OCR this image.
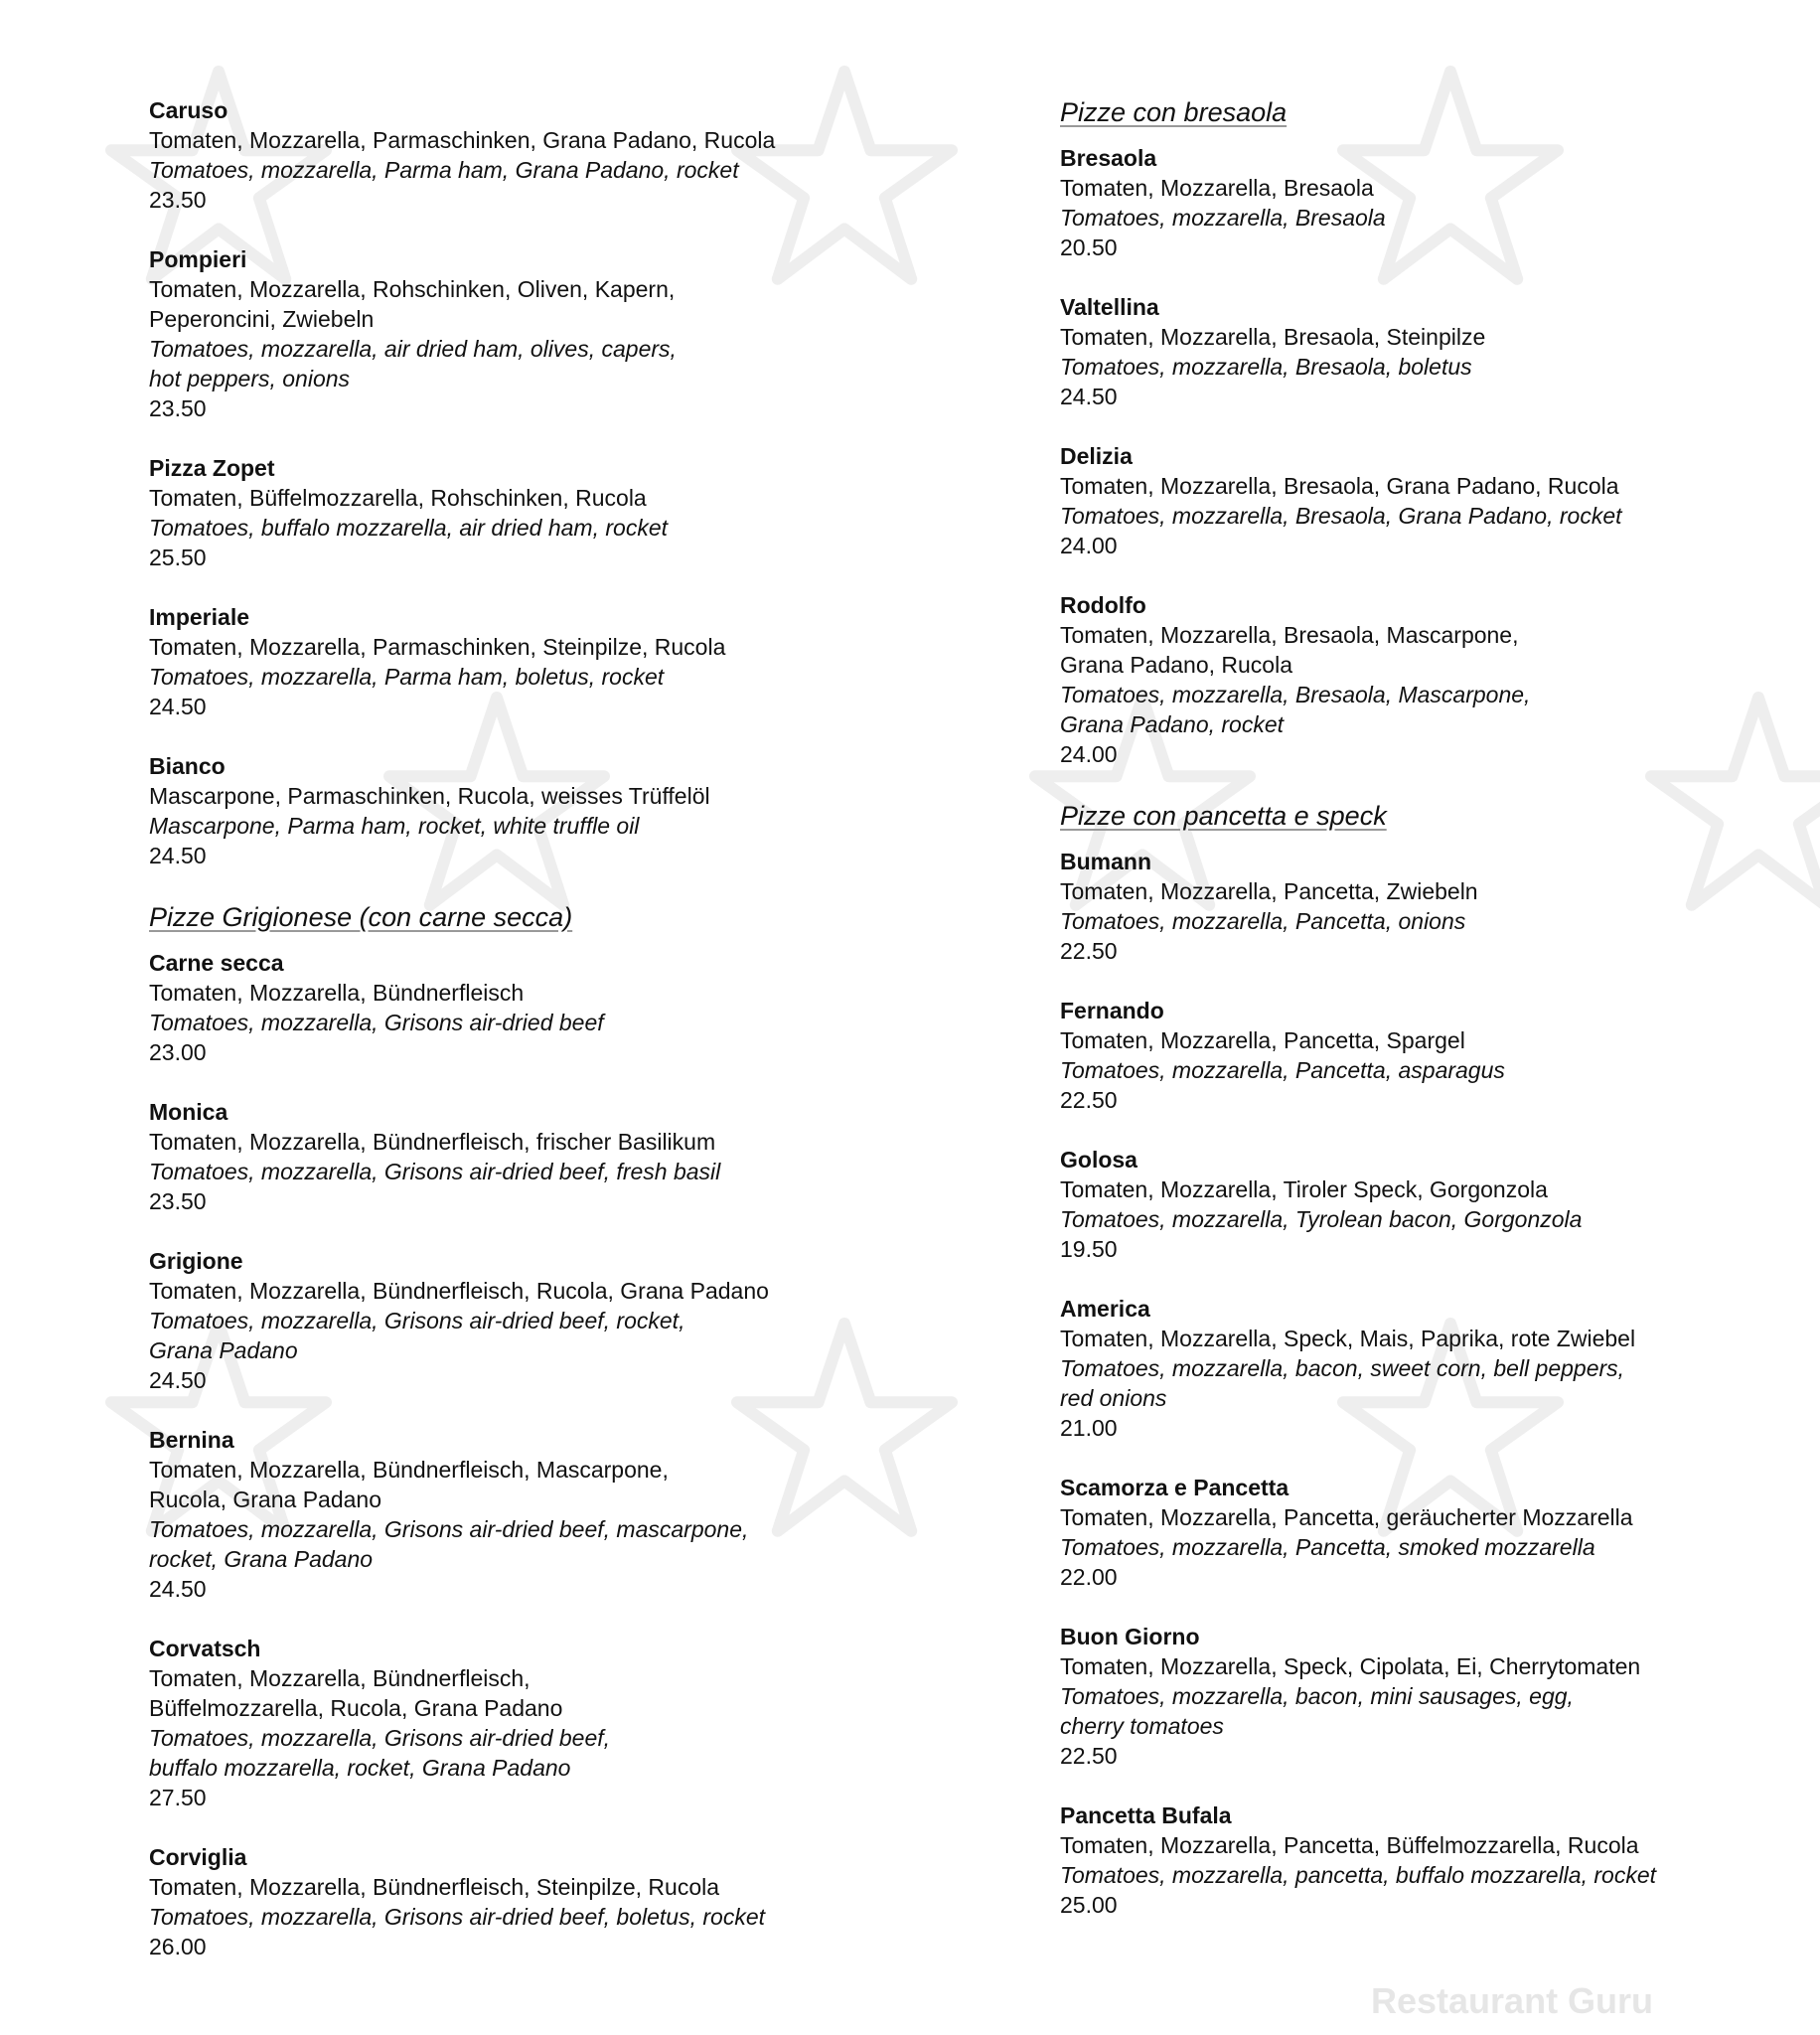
Restaurant Guru
Caruso
Tomaten, Mozzarella, Parmaschinken, Grana Padano, Rucola
Tomatoes, mozzarella, Parma ham, Grana Padano, rocket
23.50
Pompieri
Tomaten, Mozzarella, Rohschinken, Oliven, Kapern,
Peperoncini, Zwiebeln
Tomatoes, mozzarella, air dried ham, olives, capers,
hot peppers, onions
23.50
Pizza Zopet
Tomaten, Büffelmozzarella, Rohschinken, Rucola
Tomatoes, buffalo mozzarella, air dried ham, rocket
25.50
Imperiale
Tomaten, Mozzarella, Parmaschinken, Steinpilze, Rucola
Tomatoes, mozzarella, Parma ham, boletus, rocket
24.50
Bianco
Mascarpone, Parmaschinken, Rucola, weisses Trüffelöl
Mascarpone, Parma ham, rocket, white truffle oil
24.50
Pizze Grigionese (con carne secca)
Carne secca
Tomaten, Mozzarella, Bündnerfleisch
Tomatoes, mozzarella, Grisons air-dried beef
23.00
Monica
Tomaten, Mozzarella, Bündnerfleisch, frischer Basilikum
Tomatoes, mozzarella, Grisons air-dried beef, fresh basil
23.50
Grigione
Tomaten, Mozzarella, Bündnerfleisch, Rucola, Grana Padano
Tomatoes, mozzarella, Grisons air-dried beef, rocket,
Grana Padano
24.50
Bernina
Tomaten, Mozzarella, Bündnerfleisch, Mascarpone,
Rucola, Grana Padano
Tomatoes, mozzarella, Grisons air-dried beef, mascarpone,
rocket, Grana Padano
24.50
Corvatsch
Tomaten, Mozzarella, Bündnerfleisch,
Büffelmozzarella, Rucola, Grana Padano
Tomatoes, mozzarella, Grisons air-dried beef,
buffalo mozzarella, rocket, Grana Padano
27.50
Corviglia
Tomaten, Mozzarella, Bündnerfleisch, Steinpilze, Rucola
Tomatoes, mozzarella, Grisons air-dried beef, boletus, rocket
26.00
Pizze con bresaola
Bresaola
Tomaten, Mozzarella, Bresaola
Tomatoes, mozzarella, Bresaola
20.50
Valtellina
Tomaten, Mozzarella, Bresaola, Steinpilze
Tomatoes, mozzarella, Bresaola, boletus
24.50
Delizia
Tomaten, Mozzarella, Bresaola, Grana Padano, Rucola
Tomatoes, mozzarella, Bresaola, Grana Padano, rocket
24.00
Rodolfo
Tomaten, Mozzarella, Bresaola, Mascarpone,
Grana Padano, Rucola
Tomatoes, mozzarella, Bresaola, Mascarpone,
Grana Padano, rocket
24.00
Pizze con pancetta e speck
Bumann
Tomaten, Mozzarella, Pancetta, Zwiebeln
Tomatoes, mozzarella, Pancetta, onions
22.50
Fernando
Tomaten, Mozzarella, Pancetta, Spargel
Tomatoes, mozzarella, Pancetta, asparagus
22.50
Golosa
Tomaten, Mozzarella, Tiroler Speck, Gorgonzola
Tomatoes, mozzarella, Tyrolean bacon, Gorgonzola
19.50
America
Tomaten, Mozzarella, Speck, Mais, Paprika, rote Zwiebel
Tomatoes, mozzarella, bacon, sweet corn, bell peppers,
red onions
21.00
Scamorza e Pancetta
Tomaten, Mozzarella, Pancetta, geräucherter Mozzarella
Tomatoes, mozzarella, Pancetta, smoked mozzarella
22.00
Buon Giorno
Tomaten, Mozzarella, Speck, Cipolata, Ei, Cherrytomaten
Tomatoes, mozzarella, bacon, mini sausages, egg,
cherry tomatoes
22.50
Pancetta Bufala
Tomaten, Mozzarella, Pancetta, Büffelmozzarella, Rucola
Tomatoes, mozzarella, pancetta, buffalo mozzarella, rocket
25.00
